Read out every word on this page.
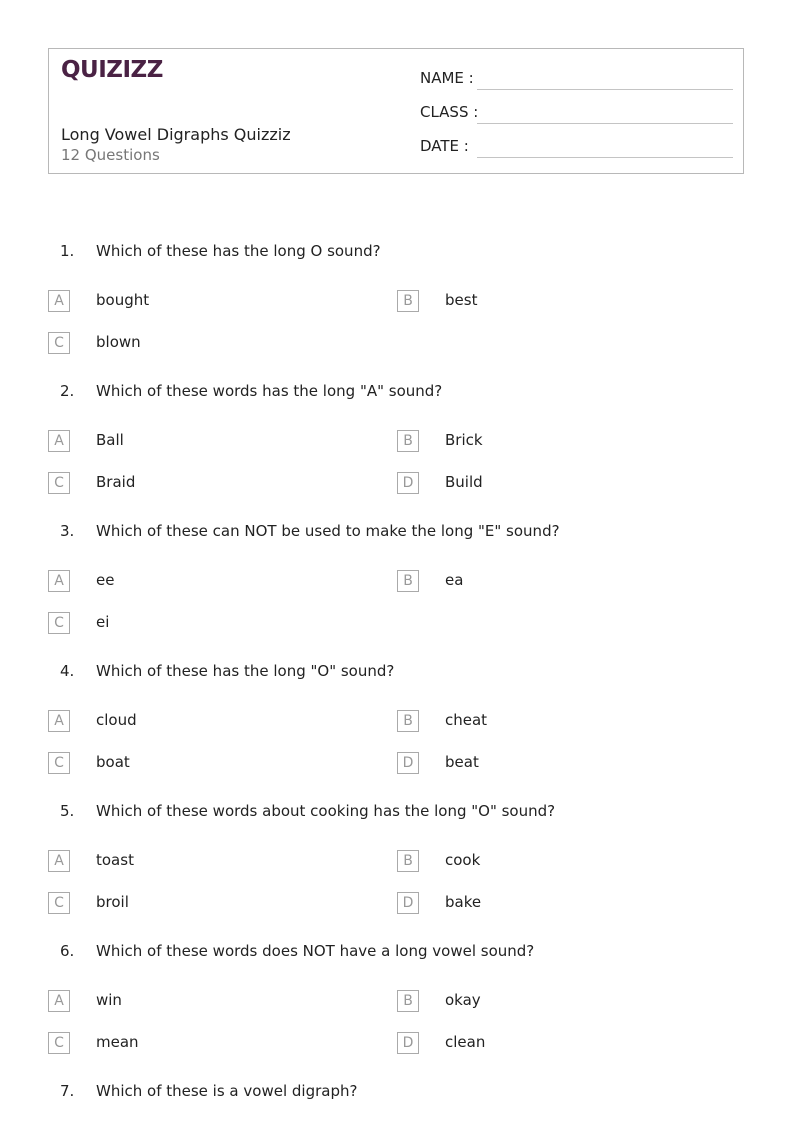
QUIZIZZ
Long Vowel Digraphs Quizziz
12 Questions
NAME :
CLASS :
DATE :
1. Which of these has the long O sound?
A	bought	B	best
C	blown
2. Which of these words has the long "A" sound?
A	Ball	B	Brick
C	Braid	D	Build
3. Which of these can NOT be used to make the long "E" sound?
A	ee	B	ea
C	ei
4. Which of these has the long "O" sound?
A	cloud	B	cheat
C	boat	D	beat
5. Which of these words about cooking has the long "O" sound?
A	toast	B	cook
C	broil	D	bake
6. Which of these words does NOT have a long vowel sound?
A	win	B	okay
C	mean	D	clean
7. Which of these is a vowel digraph?
